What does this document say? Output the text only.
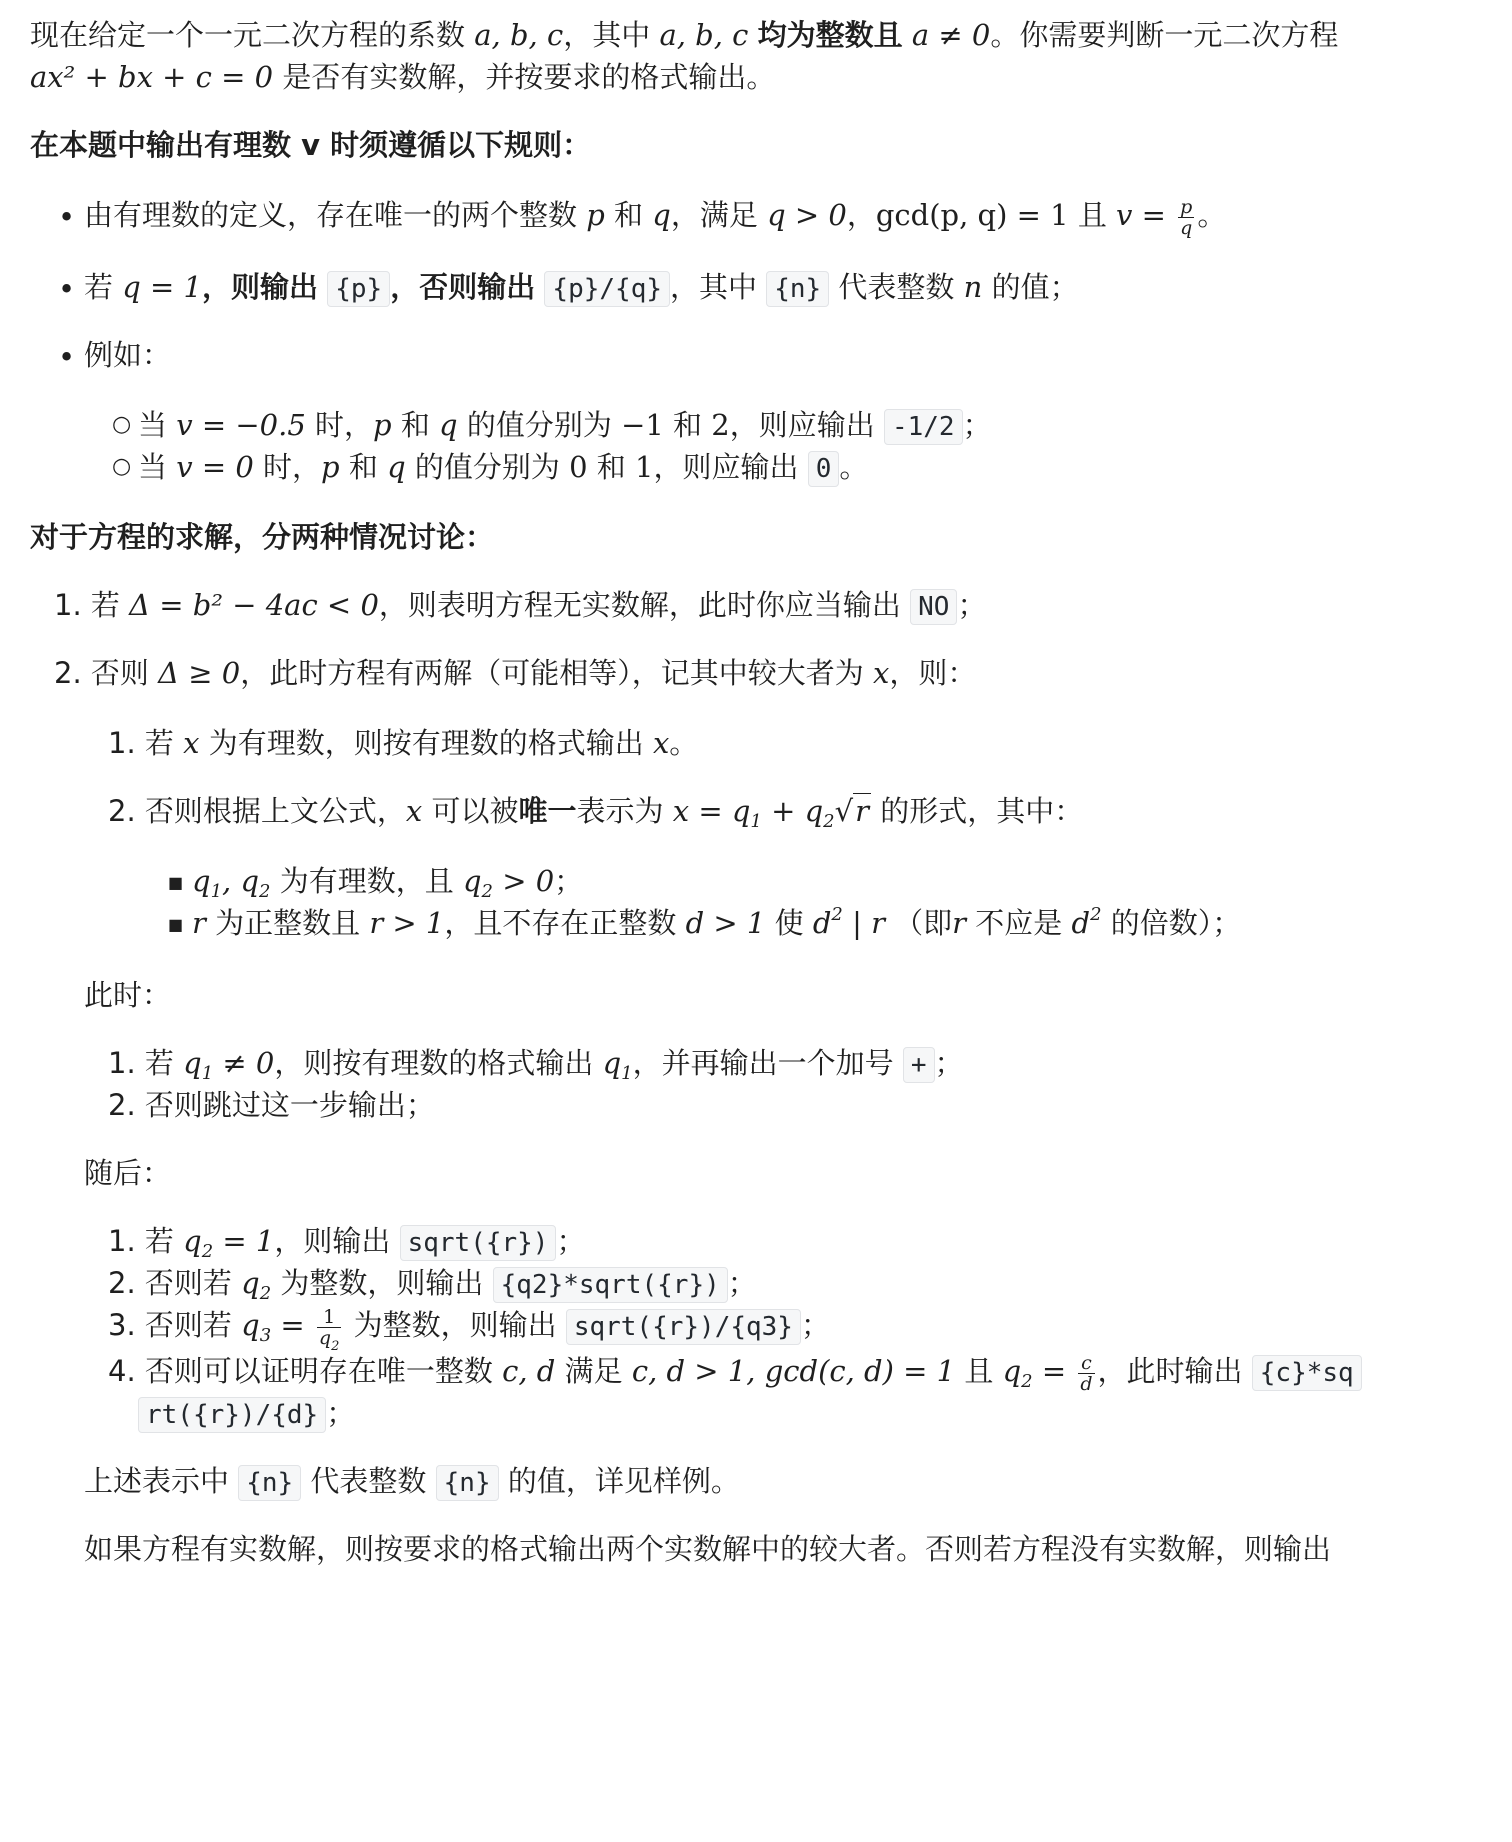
现在给定一个一元二次方程的系数 a, b, c，其中 a, b, c 均为整数且 a ≠ 0。你需要判断一元二次方程
ax² + bx + c = 0 是否有实数解，并按要求的格式输出。
在本题中输出有理数 v 时须遵循以下规则：
• 由有理数的定义，存在唯一的两个整数 p 和 q，满足 q > 0，gcd(p, q) = 1 且 $v = \frac{p}{q}$ 。
• 若 q = 1，则输出 {p} ，否则输出 {p}/{q} ，其中 {n} 代表整数 n 的值；
• 例如：
○ 当 v = −0.5 时，p 和 q 的值分别为 −1 和 2，则应输出 -1/2 ；
○ 当 v = 0 时，p 和 q 的值分别为 0 和 1，则应输出 0 。
对于方程的求解，分两种情况讨论：
1. 若 Δ = b² − 4ac < 0，则表明方程无实数解，此时你应当输出 NO ；
2. 否则 Δ ≥ 0，此时方程有两解（可能相等），记其中较大者为 x，则：
1. 若 x 为有理数，则按有理数的格式输出 x。
2. 否则根据上文公式，x 可以被唯一表示为 $x = q_1 + q_2√r$ 的形式，其中：
■ $q_1$, $q_2$ 为有理数，且 $q_2 > 0$；
■ r 为正整数且 r > 1，且不存在正整数 d > 1 使 $d^2$ | r （即r 不应是 $d^2$ 的倍数）；
此时：
1. 若 $q_1 \ne 0$，则按有理数的格式输出 $q_1$，并再输出一个加号 + ；
2. 否则跳过这一步输出；
随后：
1. 若 $q_2 = 1$，则输出 sqrt({r}) ；
2. 否则若 $q_2$ 为整数，则输出 {q2}*sqrt({r}) ；
3. 否则若 $q_3 = \frac{1}{q_2}$ 为整数，则输出 sqrt({r})/{q3} ；
4. 否则可以证明存在唯一整数 c, d 满足 c, d > 1, gcd(c, d) = 1 且 $q_2 = \frac{c}{d}$ ，此时输出 {c}*sq
rt({r})/{d} ；
上述表示中 {n} 代表整数 {n} 的值，详见样例。
如果方程有实数解，则按要求的格式输出两个实数解中的较大者。否则若方程没有实数解，则输出
